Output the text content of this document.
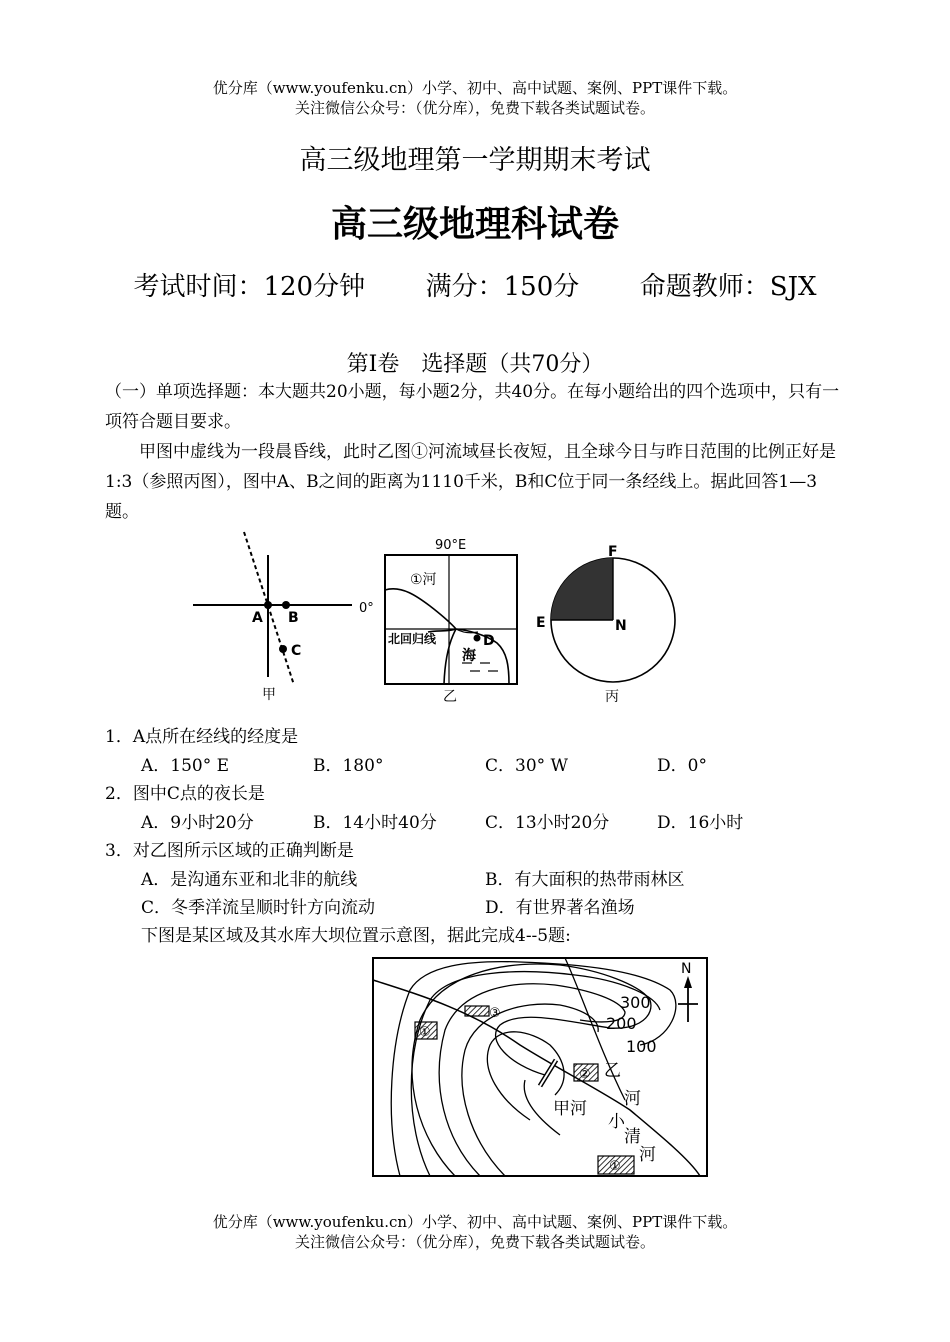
优分库（www.youfenku.cn）小学、初中、高中试题、案例、PPT课件下载。
关注微信公众号：（优分库），免费下载各类试题试卷。
高三级地理第一学期期末考试
高三级地理科试卷
考试时间：120分钟 满分：150分 命题教师：SJX
第Ⅰ卷　选择题（共70分）
（一）单项选择题：本大题共20小题，每小题2分，共40分。在每小题给出的四个选项中，只有一项符合题目要求。
甲图中虚线为一段晨昏线，此时乙图①河流域昼长夜短，且全球今日与昨日范围的比例正好是1:3（参照丙图），图中A、B之间的距离为1110千米，B和C位于同一条经线上。据此回答1—3题。
A B
C
0°
甲
90°E
①河
北回归线	D
海
乙
F
E	N
丙
1．A点所在经线的经度是
A．150° E	B．180°	C．30° W	D．0°
2．图中C点的夜长是
A．9小时20分	B．14小时40分	C．13小时20分	D．16小时
3．对乙图所示区域的正确判断是
A．是沟通东亚和北非的航线	B．有大面积的热带雨林区
C．冬季洋流呈顺时针方向流动	D．有世界著名渔场
下图是某区域及其水库大坝位置示意图，据此完成4--5题:
①
③
②
①
300
200
100
N
乙
河
甲河
小
清
河
优分库（www.youfenku.cn）小学、初中、高中试题、案例、PPT课件下载。
关注微信公众号：（优分库），免费下载各类试题试卷。
